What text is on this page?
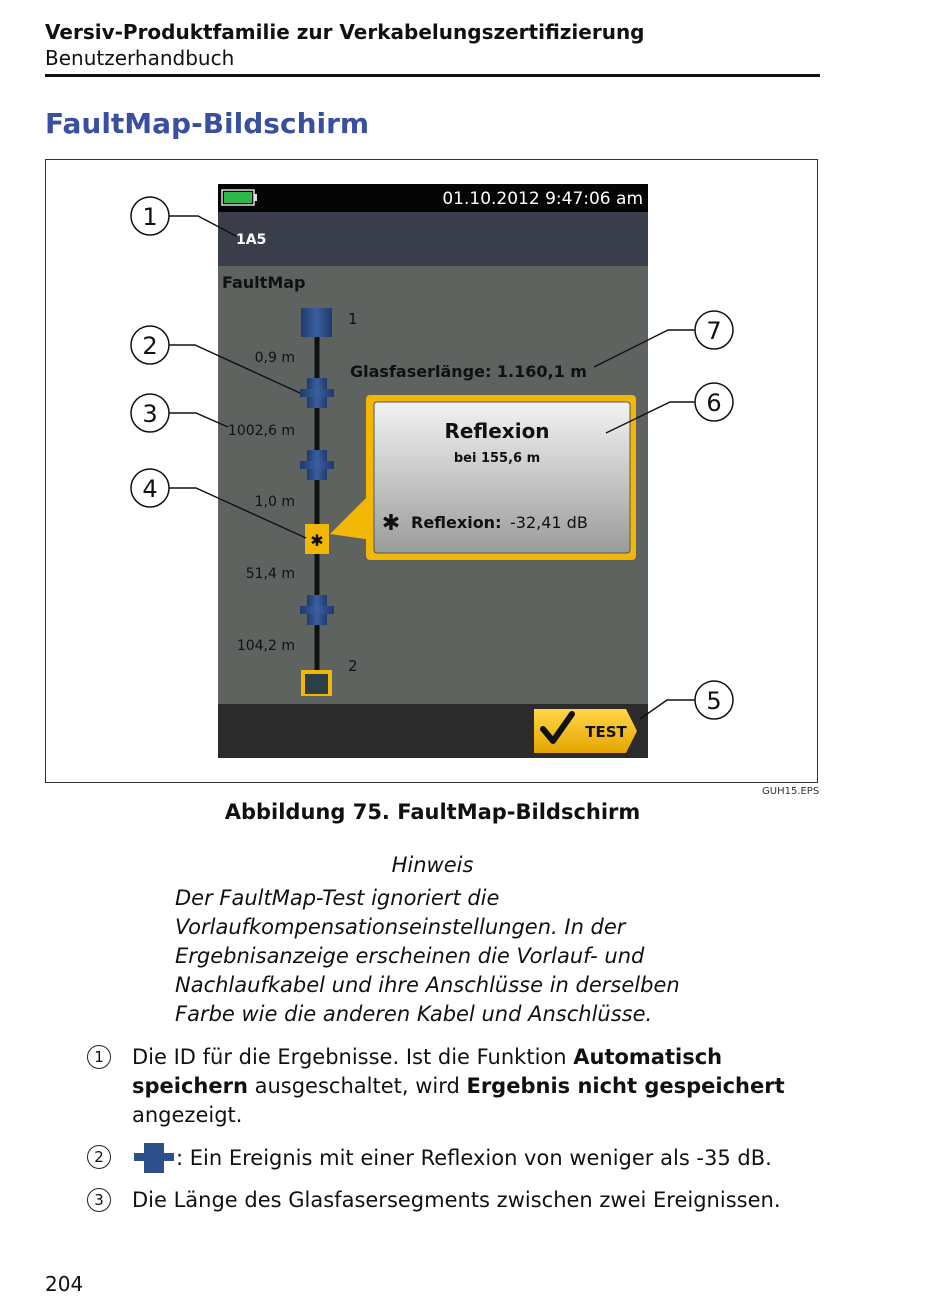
Versiv-Produktfamilie zur Verkabelungszertifizierung
Benutzerhandbuch
FaultMap-Bildschirm
01.10.2012 9:47:06 am
1A5
FaultMap
1
✱
2
0,9 m
1002,6 m
1,0 m
51,4 m
104,2 m
Glasfaserlänge: 1.160,1 m
Reflexion
bei 155,6 m
✱ Reflexion: -32,41 dB
TEST
1
2
3
4
5
6
7
GUH15.EPS
Abbildung 75. FaultMap-Bildschirm
Hinweis
Der FaultMap-Test ignoriert die
Vorlaufkompensationseinstellungen. In der
Ergebnisanzeige erscheinen die Vorlauf- und
Nachlaufkabel und ihre Anschlüsse in derselben
Farbe wie die anderen Kabel und Anschlüsse.
1	Die ID für die Ergebnisse. Ist die Funktion Automatisch speichern ausgeschaltet, wird Ergebnis nicht gespeichert angezeigt.
2	: Ein Ereignis mit einer Reflexion von weniger als -35 dB.
3	Die Länge des Glasfasersegments zwischen zwei Ereignissen.
204
